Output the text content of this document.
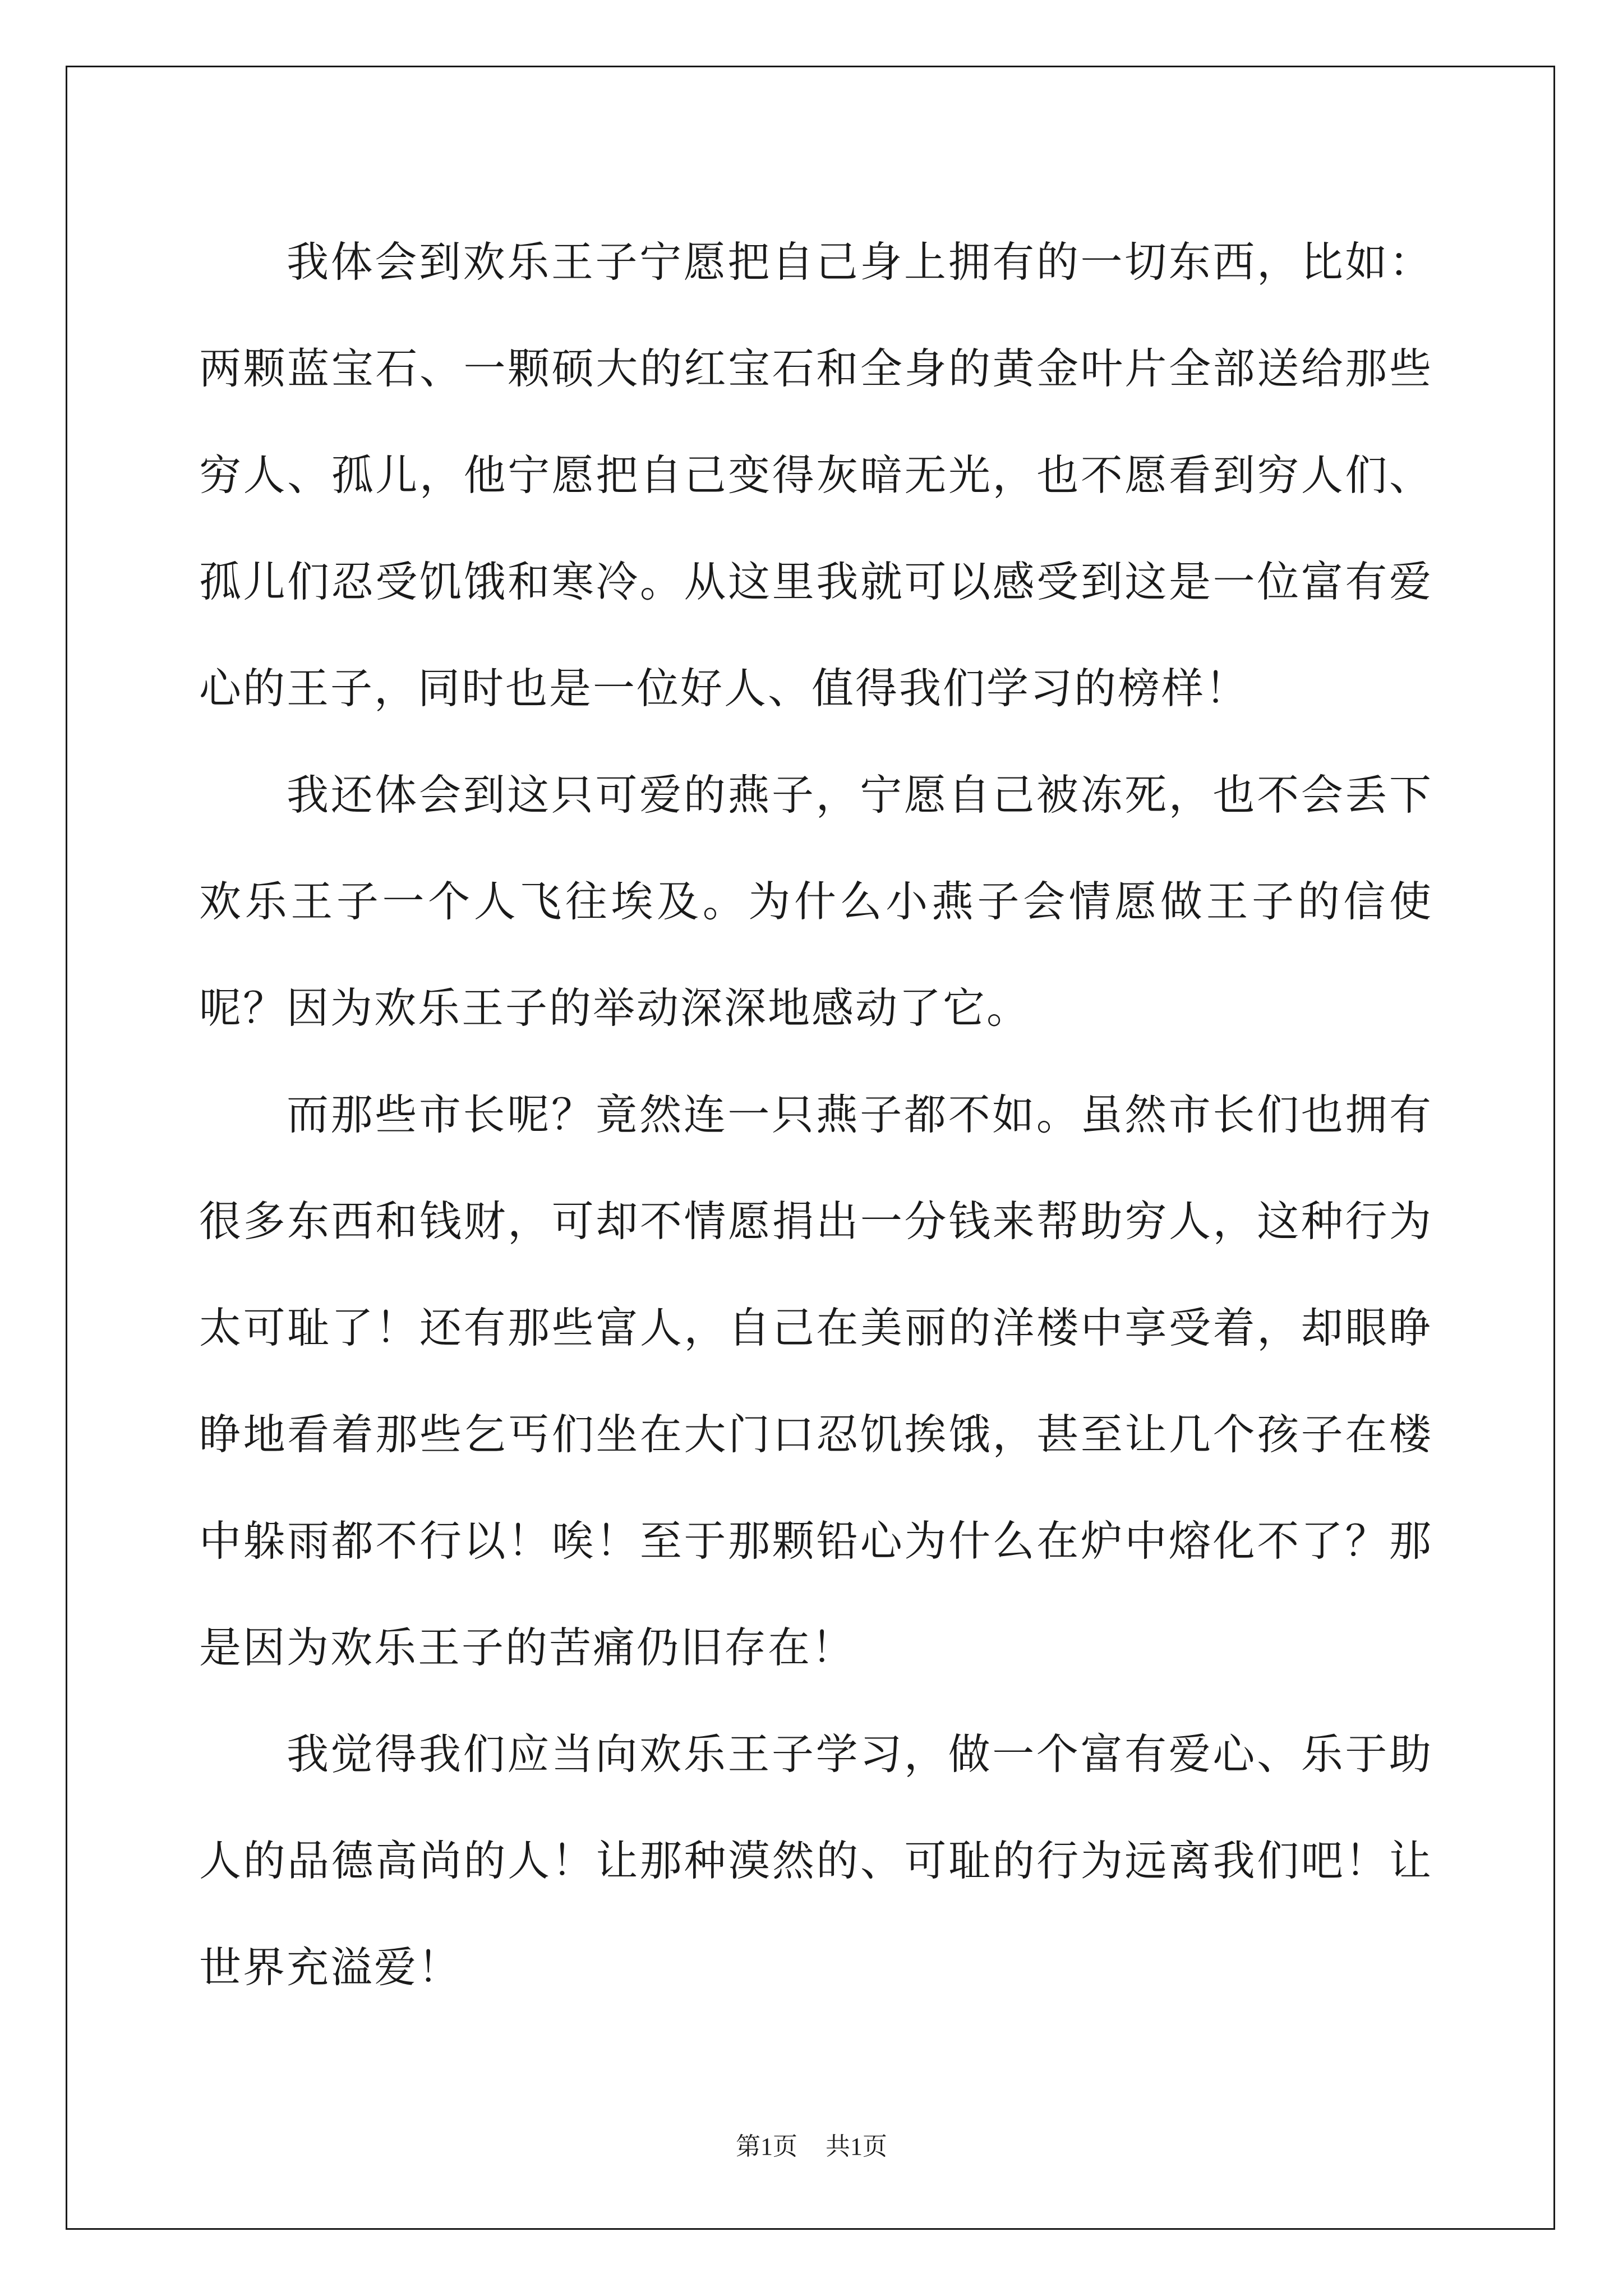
我体会到欢乐王子宁愿把自己身上拥有的一切东西，比如：两颗蓝宝石、一颗硕大的红宝石和全身的黄金叶片全部送给那些穷人、孤儿，他宁愿把自己变得灰暗无光，也不愿看到穷人们、孤儿们忍受饥饿和寒冷。从这里我就可以感受到这是一位富有爱心的王子，同时也是一位好人、值得我们学习的榜样！

我还体会到这只可爱的燕子，宁愿自己被冻死，也不会丢下欢乐王子一个人飞往埃及。为什么小燕子会情愿做王子的信使呢？因为欢乐王子的举动深深地感动了它。

而那些市长呢？竟然连一只燕子都不如。虽然市长们也拥有很多东西和钱财，可却不情愿捐出一分钱来帮助穷人，这种行为太可耻了！还有那些富人，自己在美丽的洋楼中享受着，却眼睁睁地看着那些乞丐们坐在大门口忍饥挨饿，甚至让几个孩子在楼中躲雨都不行以！唉！至于那颗铅心为什么在炉中熔化不了？那是因为欢乐王子的苦痛仍旧存在！

我觉得我们应当向欢乐王子学习，做一个富有爱心、乐于助人的品德高尚的人！让那种漠然的、可耻的行为远离我们吧！让世界充溢爱！

第1页 共1页
